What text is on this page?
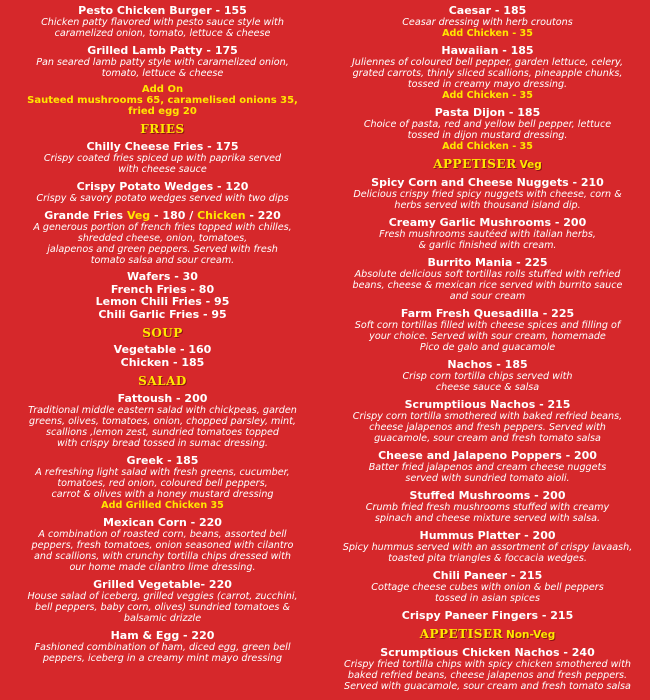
Pesto Chicken Burger - 155
Chicken patty flavored with pesto sauce style with
caramelized onion, tomato, lettuce & cheese
Grilled Lamb Patty - 175
Pan seared lamb patty style with caramelized onion,
tomato, lettuce & cheese
Add On
Sauteed mushrooms 65, caramelised onions 35,
fried egg 20
FRIES
Chilly Cheese Fries - 175
Crispy coated fries spiced up with paprika served
with cheese sauce
Crispy Potato Wedges - 120
Crispy & savory potato wedges served with two dips
Grande Fries Veg - 180 / Chicken - 220
A generous portion of french fries topped with chilles,
shredded cheese, onion, tomatoes,
jalapenos and green peppers. Served with fresh
tomato salsa and sour cream.
Wafers - 30
French Fries - 80
Lemon Chili Fries - 95
Chili Garlic Fries - 95
SOUP
Vegetable - 160
Chicken - 185
SALAD
Fattoush - 200
Traditional middle eastern salad with chickpeas, garden
greens, olives, tomatoes, onion, chopped parsley, mint,
scallions ,lemon zest, sundried tomatoes topped
with crispy bread tossed in sumac dressing.
Greek - 185
A refreshing light salad with fresh greens, cucumber,
tomatoes, red onion, coloured bell peppers,
carrot & olives with a honey mustard dressing
Add Grilled Chicken 35
Mexican Corn - 220
A combination of roasted corn, beans, assorted bell
peppers, fresh tomatoes, onion seasoned with cilantro
and scallions, with crunchy tortilla chips dressed with
our home made cilantro lime dressing.
Grilled Vegetable- 220
House salad of iceberg, grilled veggies (carrot, zucchini,
bell peppers, baby corn, olives) sundried tomatoes &
balsamic drizzle
Ham & Egg - 220
Fashioned combination of ham, diced egg, green bell
peppers, iceberg in a creamy mint mayo dressing
Caesar - 185
Ceasar dressing with herb croutons
Add Chicken - 35
Hawaiian - 185
Juliennes of coloured bell pepper, garden lettuce, celery,
grated carrots, thinly sliced scallions, pineapple chunks,
tossed in creamy mayo dressing.
Add Chicken - 35
Pasta Dijon - 185
Choice of pasta, red and yellow bell pepper, lettuce
tossed in dijon mustard dressing.
Add Chicken - 35
APPETISER Veg
Spicy Corn and Cheese Nuggets - 210
Delicious crispy fried spicy nuggets with cheese, corn &
herbs served with thousand island dip.
Creamy Garlic Mushrooms - 200
Fresh mushrooms sautéed with italian herbs,
& garlic finished with cream.
Burrito Mania - 225
Absolute delicious soft tortillas rolls stuffed with refried
beans, cheese & mexican rice served with burrito sauce
and sour cream
Farm Fresh Quesadilla - 225
Soft corn tortillas filled with cheese spices and filling of
your choice. Served with sour cream, homemade
Pico de galo and guacamole
Nachos - 185
Crisp corn tortilla chips served with
cheese sauce & salsa
Scrumptiious Nachos - 215
Crispy corn tortilla smothered with baked refried beans,
cheese jalapenos and fresh peppers. Served with
guacamole, sour cream and fresh tomato salsa
Cheese and Jalapeno Poppers - 200
Batter fried jalapenos and cream cheese nuggets
served with sundried tomato aioli.
Stuffed Mushrooms - 200
Crumb fried fresh mushrooms stuffed with creamy
spinach and cheese mixture served with salsa.
Hummus Platter - 200
Spicy hummus served with an assortment of crispy lavaash,
toasted pita triangles & foccacia wedges.
Chili Paneer - 215
Cottage cheese cubes with onion & bell peppers
tossed in asian spices
Crispy Paneer Fingers - 215
APPETISER Non-Veg
Scrumptious Chicken Nachos - 240
Crispy fried tortilla chips with spicy chicken smothered with
baked refried beans, cheese jalapenos and fresh peppers.
Served with guacamole, sour cream and fresh tomato salsa
